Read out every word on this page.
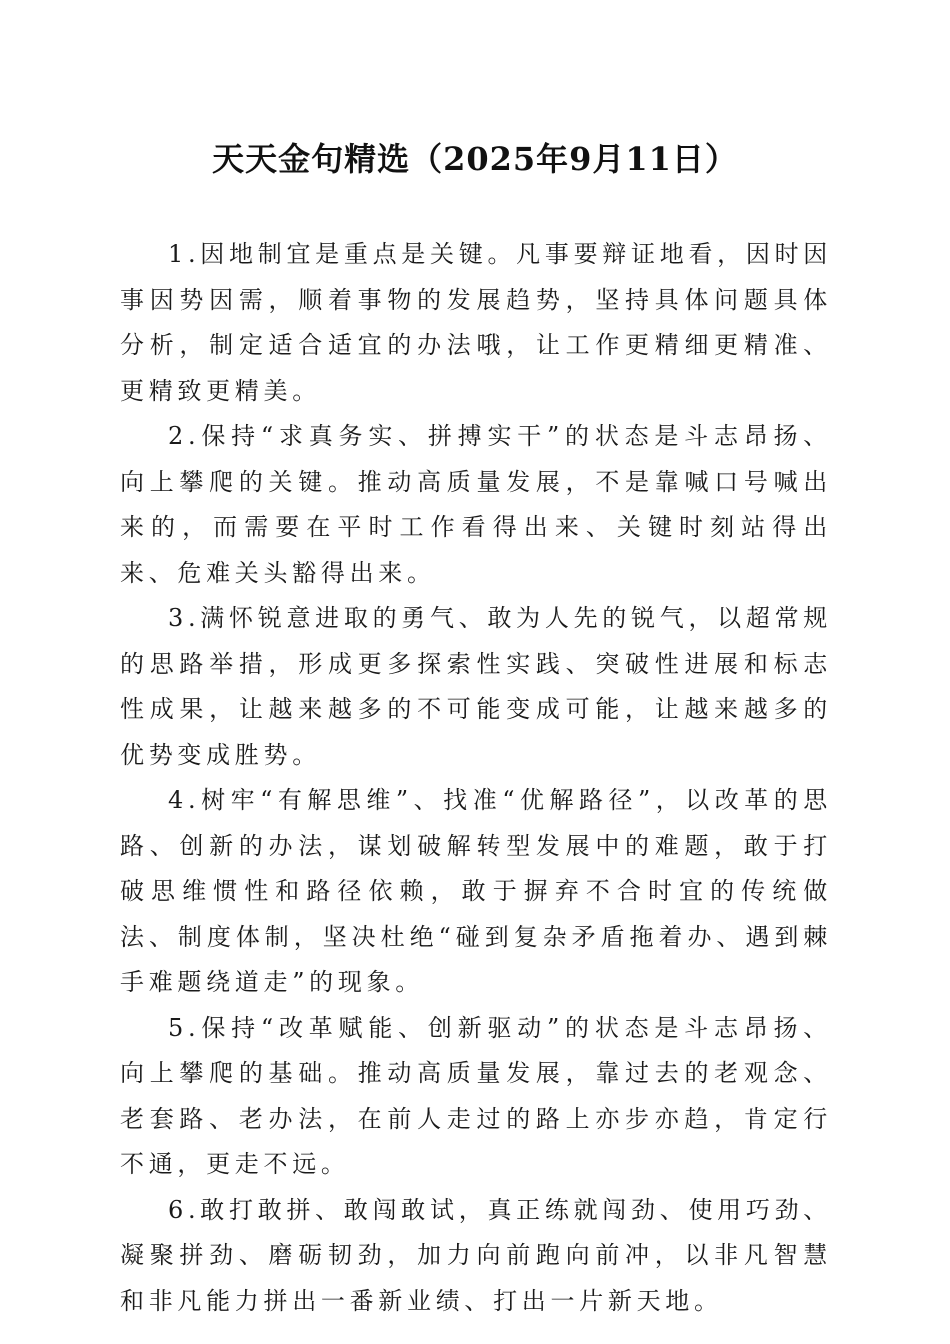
天天金句精选（2025年9月11日）

1.因地制宜是重点是关键。凡事要辩证地看，因时因事因势因需，顺着事物的发展趋势，坚持具体问题具体分析，制定适合适宜的办法哦，让工作更精细更精准、更精致更精美。

2.保持“求真务实、拼搏实干”的状态是斗志昂扬、向上攀爬的关键。推动高质量发展，不是靠喊口号喊出来的，而需要在平时工作看得出来、关键时刻站得出来、危难关头豁得出来。

3.满怀锐意进取的勇气、敢为人先的锐气，以超常规的思路举措，形成更多探索性实践、突破性进展和标志性成果，让越来越多的不可能变成可能，让越来越多的优势变成胜势。

4.树牢“有解思维”、找准“优解路径”，以改革的思路、创新的办法，谋划破解转型发展中的难题，敢于打破思维惯性和路径依赖，敢于摒弃不合时宜的传统做法、制度体制，坚决杜绝“碰到复杂矛盾拖着办、遇到棘手难题绕道走”的现象。

5.保持“改革赋能、创新驱动”的状态是斗志昂扬、向上攀爬的基础。推动高质量发展，靠过去的老观念、老套路、老办法，在前人走过的路上亦步亦趋，肯定行不通，更走不远。

6.敢打敢拼、敢闯敢试，真正练就闯劲、使用巧劲、凝聚拼劲、磨砺韧劲，加力向前跑向前冲，以非凡智慧和非凡能力拼出一番新业绩、打出一片新天地。
